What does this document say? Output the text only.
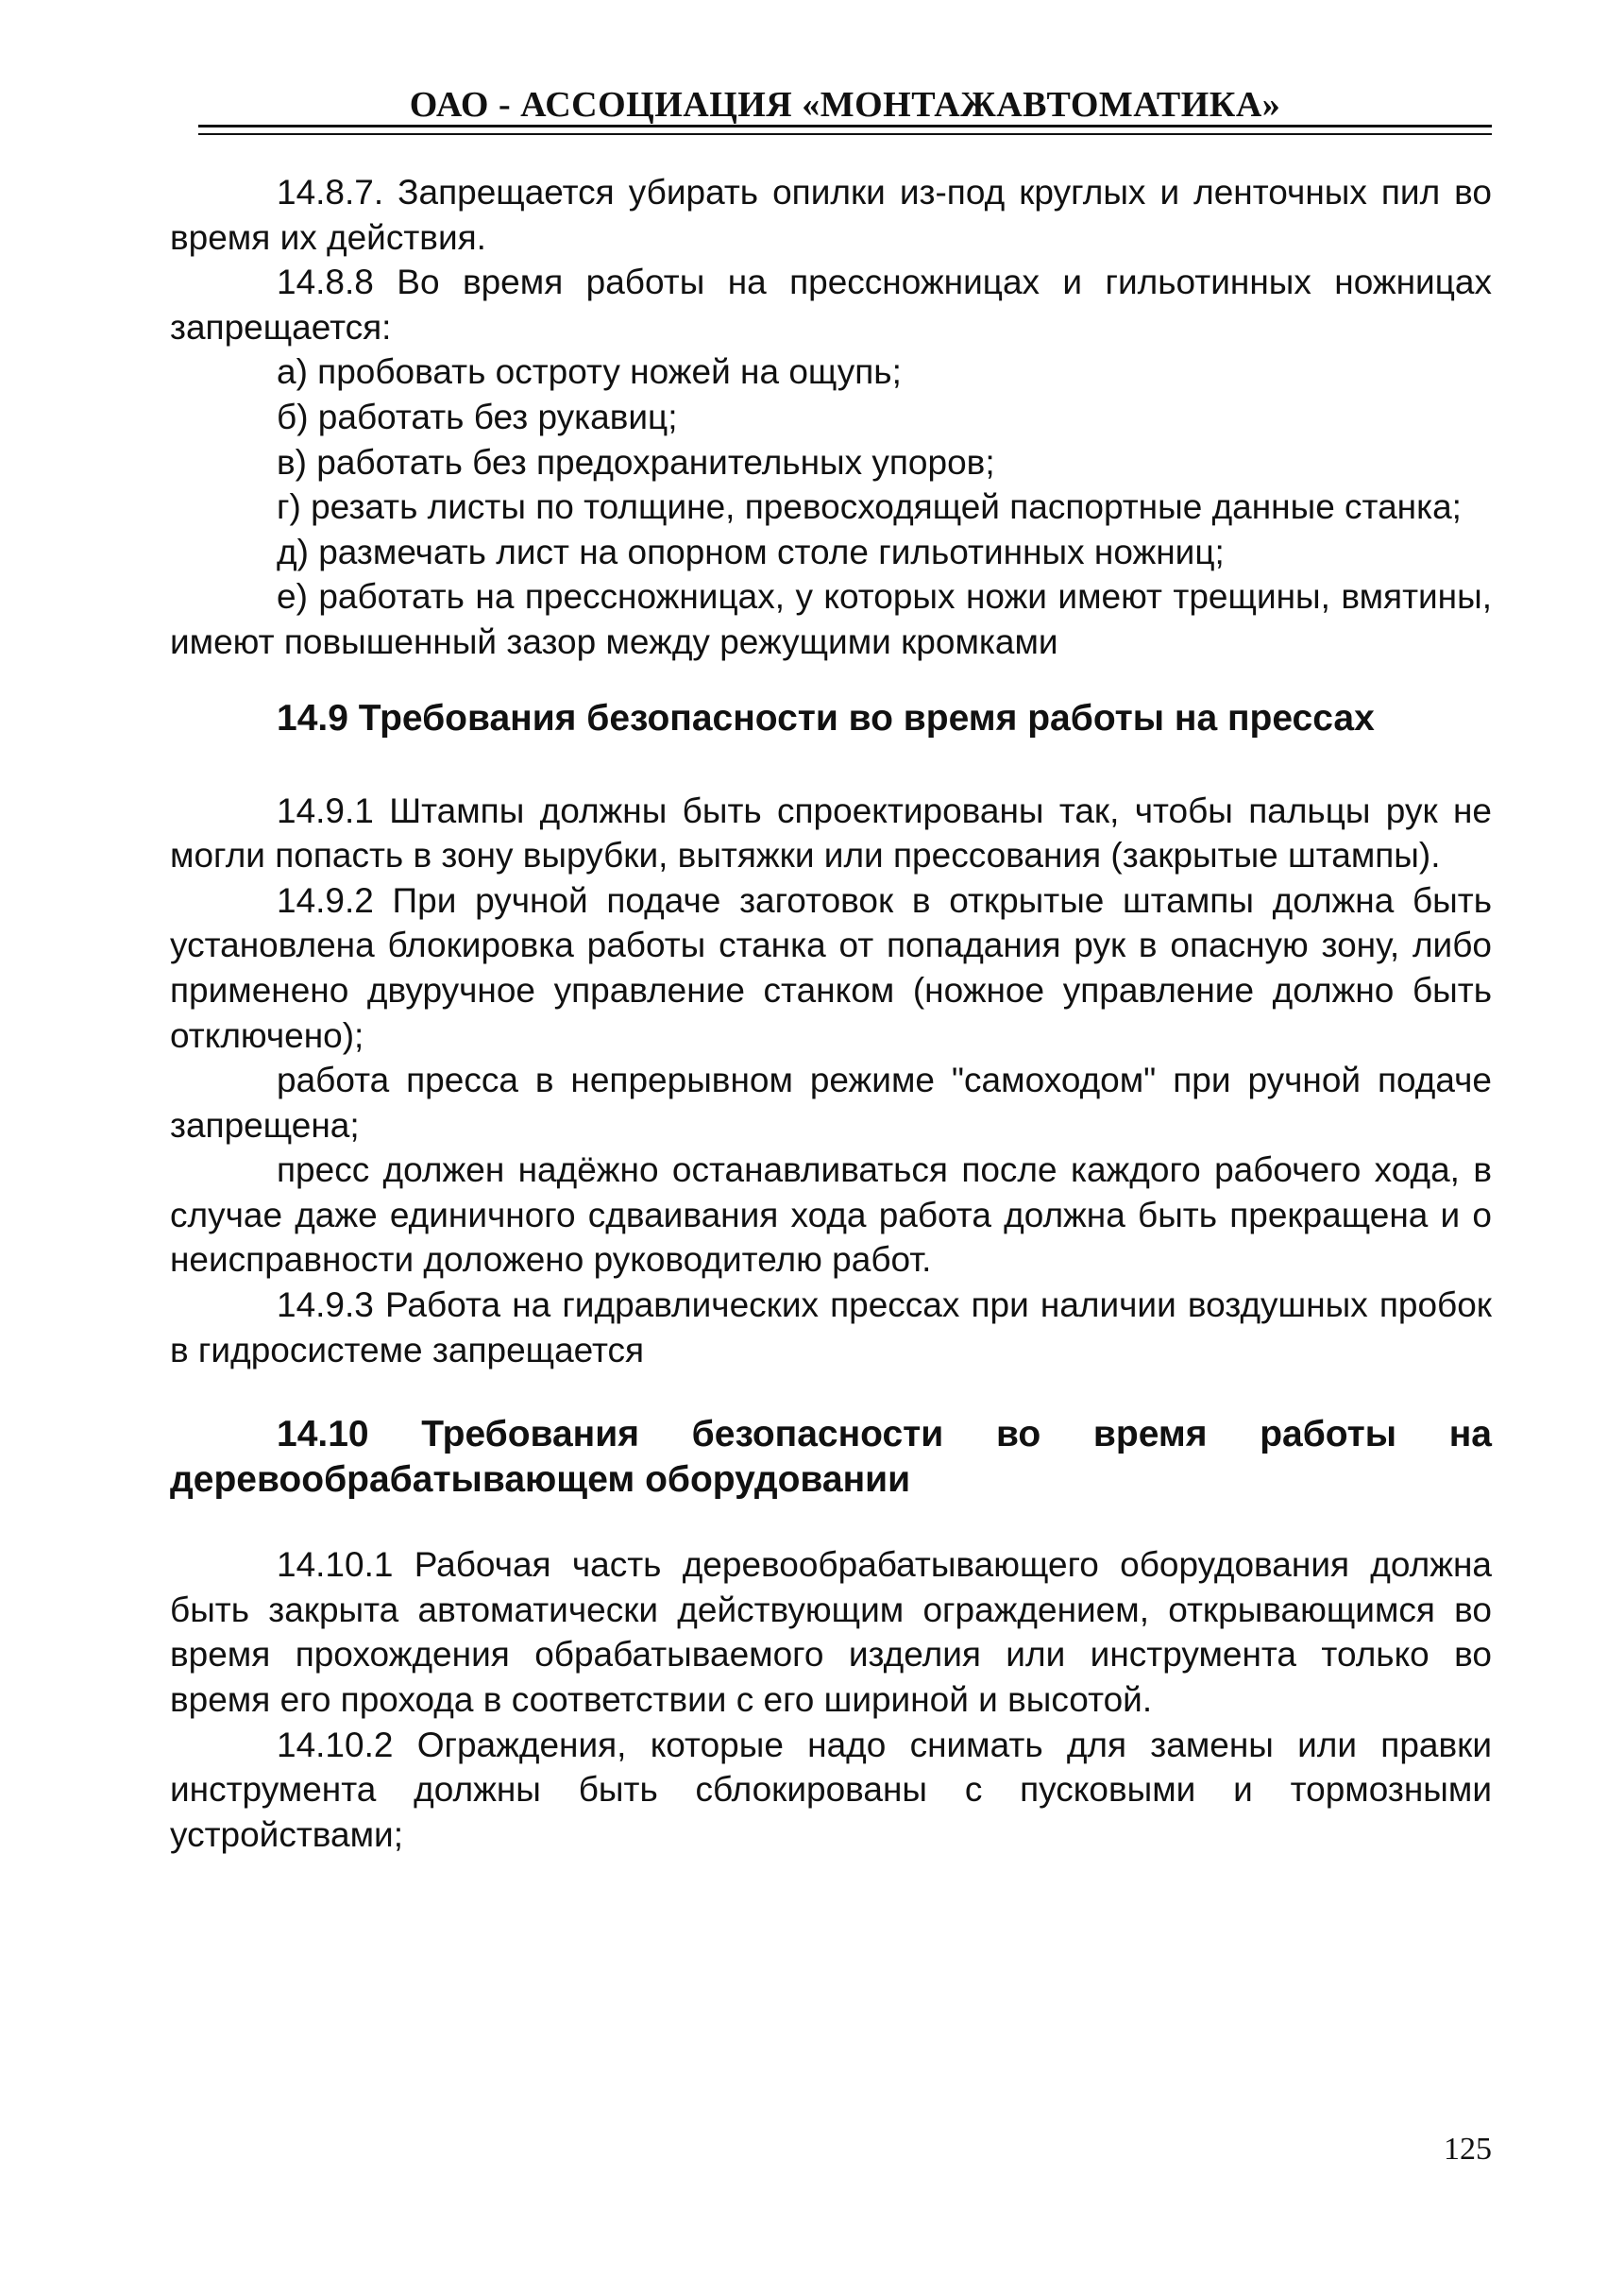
ОАО - АССОЦИАЦИЯ «МОНТАЖАВТОМАТИКА»

14.8.7. Запрещается убирать опилки из-под круглых и ленточных пил во время их действия.

14.8.8 Во время работы на прессножницах и гильотинных ножницах запрещается:

а) пробовать остроту ножей на ощупь;

б) работать без рукавиц;

в) работать без предохранительных упоров;

г) резать листы по толщине, превосходящей паспортные данные станка;

д) размечать лист на опорном столе гильотинных ножниц;

е) работать на прессножницах, у которых ножи имеют трещины, вмятины, имеют повышенный зазор между режущими кромками

14.9 Требования безопасности во время работы на прессах

14.9.1 Штампы должны быть спроектированы так, чтобы пальцы рук не могли попасть в зону вырубки, вытяжки или прессования (закрытые штампы).

14.9.2 При ручной подаче заготовок в открытые штампы должна быть установлена блокировка работы станка от попадания рук в опасную зону, либо применено двуручное управление станком (ножное управление должно быть отключено);

работа пресса в непрерывном режиме "самоходом" при ручной подаче запрещена;

пресс должен надёжно останавливаться после каждого рабочего хода, в случае даже единичного сдваивания хода работа должна быть прекращена и о неисправности доложено руководителю работ.

14.9.3 Работа на гидравлических прессах при наличии воздушных пробок в гидросистеме запрещается

14.10 Требования безопасности во время работы на деревообрабатывающем оборудовании

14.10.1 Рабочая часть деревообрабатывающего оборудования должна быть закрыта автоматически действующим ограждением, открывающимся во время прохождения обрабатываемого изделия или инструмента только во время его прохода в соответствии с его шириной и высотой.

14.10.2 Ограждения, которые надо снимать для замены или правки инструмента должны быть сблокированы с пусковыми и тормозными устройствами;

125
